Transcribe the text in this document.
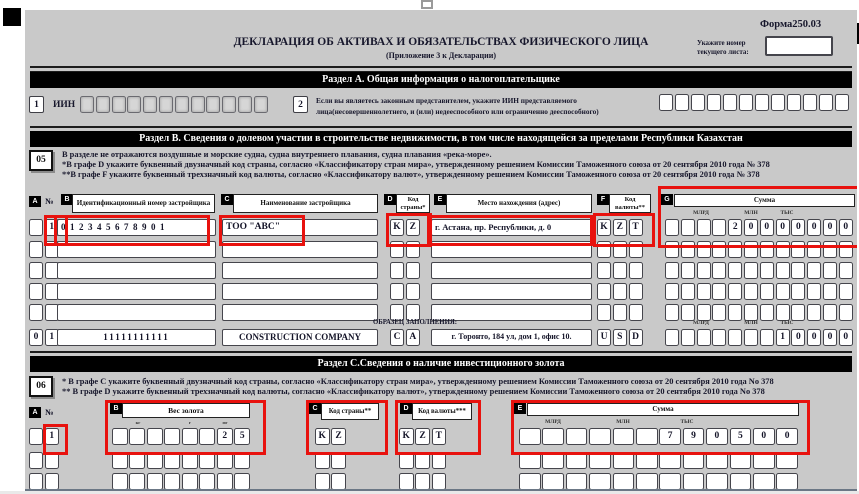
Форма250.03
ДЕКЛАРАЦИЯ ОБ АКТИВАХ И ОБЯЗАТЕЛЬСТВАХ ФИЗИЧЕСКОГО ЛИЦА
(Приложение 3 к Декларации)
Укажите номер
текущего листа:
Раздел А. Общая информация о налогоплательщике
1	ИИН	2	Если вы являетесь законным представителем, укажите ИИН представляемого
лица(несовершеннолетнего, и (или) недееспособного или ограниченно дееспособного)
Раздел В. Сведения о долевом участии в строительстве недвижимости, в том числе находящейся за пределами Республики Казахстан
05
В разделе не отражаются воздушные и морские судна, судна внутреннего плавания, судна плавания «река-море».
*В графе D укажите буквенный двузначный код страны, согласно «Классификатору стран мира», утвержденному решением Комиссии Таможенного союза от 20 сентября 2010 года № 378
**В графе F укажите буквенный трехзначный код валюты, согласно «Классификатору валют», утвержденному решением Комиссии Таможенного союза от 20 сентября 2010 года № 378
A №	B	Идентификационный номер застройщика	C	Наименование застройщика	D	Код страны*
E	Место нахождения (адрес)	F	Код валюты**
G	Сумма
МЛРД	МЛН	ТЫС
1 012345678901	ТОО "АВС"	K Z	г. Астана, пр. Республики, д. 0	K Z T	2 0 0 0 0 0 0 0
ОБРАЗЕЦ ЗАПОЛНЕНИЯ:	МЛРД	МЛН	ТЫС
0 1	11111111111	CONSTRUCTION COMPANY	C A	г. Торонто, 184 ул, дом 1, офис 10.	U S D	1 0 0 0 0
Раздел С.Сведения о наличие инвестиционного золота
06	* В графе С укажите буквенный двузначный код страны, согласно «Классификатору стран мира», утвержденному решением Комиссии Таможенного союза от 20 сентября 2010 года No 378
** В графе D укажите буквенный трехзначный код валюты, согласно «Классификатору валют», утвержденному решением Комиссии Таможенного союза от 20 сентября 2010 года No 378
A №	B	Вес золота
кг	г	мг
C	Код страны**	D	Код валюты***	E	Сумма
МЛРД	МЛН	ТЫС
1	2 5	K Z	K Z T	7 9 0 5 0 0
